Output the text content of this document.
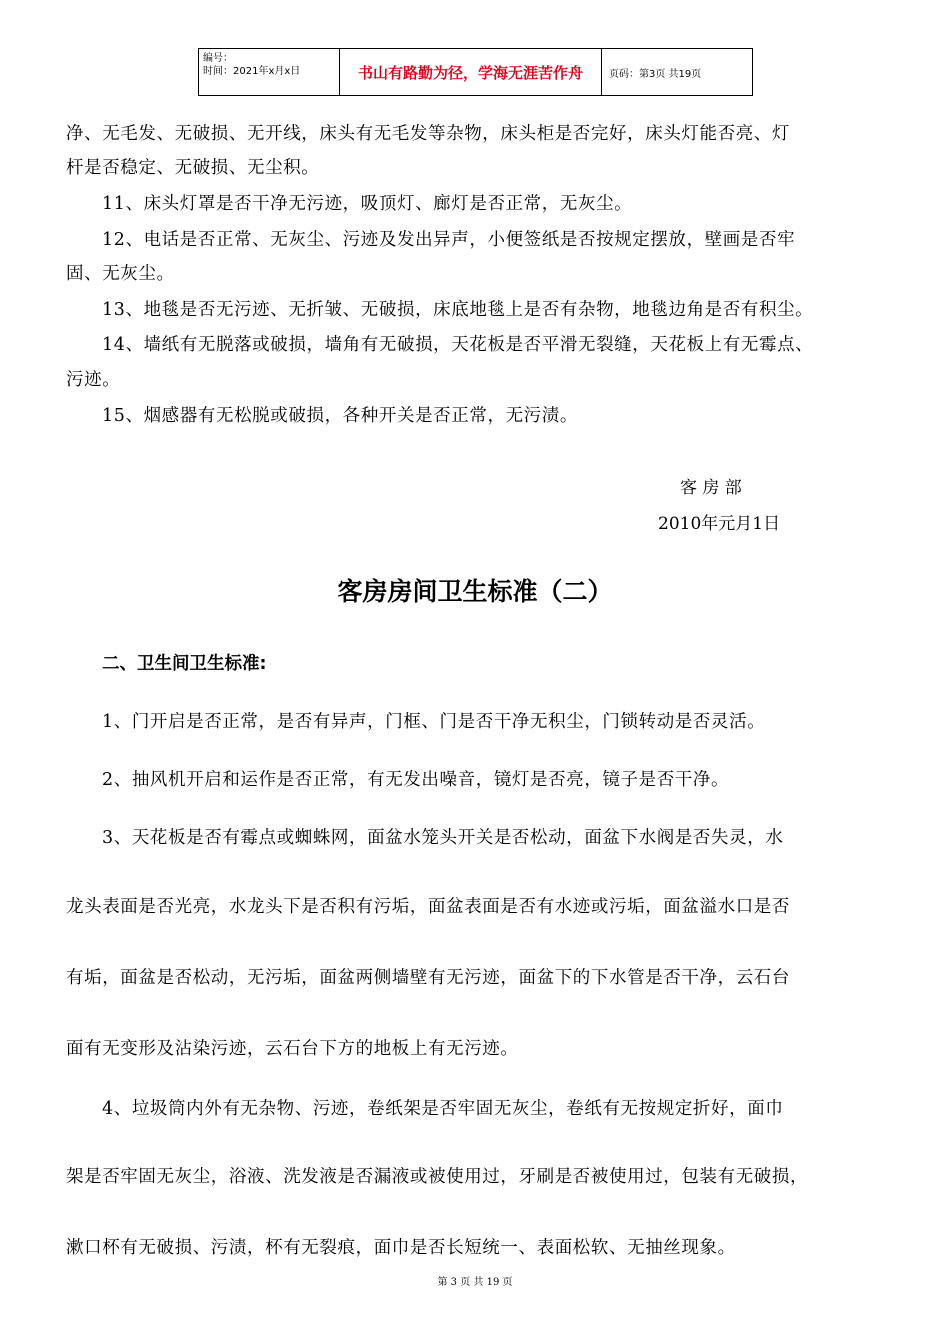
编号：
时间：2021年x月x日	书山有路勤为径，学海无涯苦作舟	页码：第3页 共19页
净、无毛发、无破损、无开线，床头有无毛发等杂物，床头柜是否完好，床头灯能否亮、灯
杆是否稳定、无破损、无尘积。
11、床头灯罩是否干净无污迹，吸顶灯、廊灯是否正常，无灰尘。
12、电话是否正常、无灰尘、污迹及发出异声，小便签纸是否按规定摆放，壁画是否牢
固、无灰尘。
13、地毯是否无污迹、无折皱、无破损，床底地毯上是否有杂物，地毯边角是否有积尘。
14、墙纸有无脱落或破损，墙角有无破损，天花板是否平滑无裂缝，天花板上有无霉点、
污迹。
15、烟感器有无松脱或破损，各种开关是否正常，无污渍。
客 房 部
2010年元月1日
客房房间卫生标准（二）
二、卫生间卫生标准:
1、门开启是否正常，是否有异声，门框、门是否干净无积尘，门锁转动是否灵活。
2、抽风机开启和运作是否正常，有无发出噪音，镜灯是否亮，镜子是否干净。
3、天花板是否有霉点或蜘蛛网，面盆水笼头开关是否松动，面盆下水阀是否失灵，水
龙头表面是否光亮，水龙头下是否积有污垢，面盆表面是否有水迹或污垢，面盆溢水口是否
有垢，面盆是否松动，无污垢，面盆两侧墙壁有无污迹，面盆下的下水管是否干净，云石台
面有无变形及沾染污迹，云石台下方的地板上有无污迹。
4、垃圾筒内外有无杂物、污迹，卷纸架是否牢固无灰尘，卷纸有无按规定折好，面巾
架是否牢固无灰尘，浴液、洗发液是否漏液或被使用过，牙刷是否被使用过，包装有无破损，
漱口杯有无破损、污渍，杯有无裂痕，面巾是否长短统一、表面松软、无抽丝现象。
第 3 页 共 19 页
